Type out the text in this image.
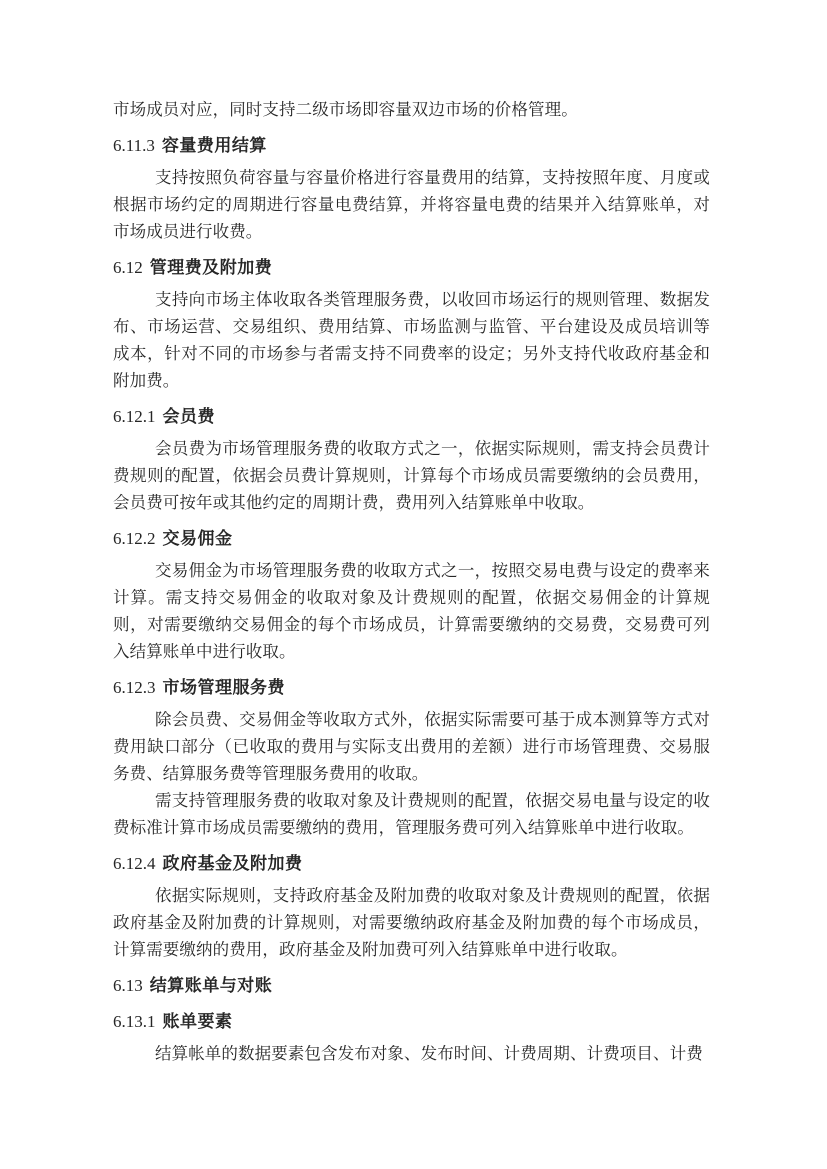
市场成员对应，同时支持二级市场即容量双边市场的价格管理。

6.11.3 容量费用结算

支持按照负荷容量与容量价格进行容量费用的结算，支持按照年度、月度或根据市场约定的周期进行容量电费结算，并将容量电费的结果并入结算账单，对市场成员进行收费。

6.12 管理费及附加费

支持向市场主体收取各类管理服务费，以收回市场运行的规则管理、数据发布、市场运营、交易组织、费用结算、市场监测与监管、平台建设及成员培训等成本，针对不同的市场参与者需支持不同费率的设定；另外支持代收政府基金和附加费。

6.12.1 会员费

会员费为市场管理服务费的收取方式之一，依据实际规则，需支持会员费计费规则的配置，依据会员费计算规则，计算每个市场成员需要缴纳的会员费用，会员费可按年或其他约定的周期计费，费用列入结算账单中收取。

6.12.2 交易佣金

交易佣金为市场管理服务费的收取方式之一，按照交易电费与设定的费率来计算。需支持交易佣金的收取对象及计费规则的配置，依据交易佣金的计算规则，对需要缴纳交易佣金的每个市场成员，计算需要缴纳的交易费，交易费可列入结算账单中进行收取。

6.12.3 市场管理服务费

除会员费、交易佣金等收取方式外，依据实际需要可基于成本测算等方式对费用缺口部分（已收取的费用与实际支出费用的差额）进行市场管理费、交易服务费、结算服务费等管理服务费用的收取。

需支持管理服务费的收取对象及计费规则的配置，依据交易电量与设定的收费标准计算市场成员需要缴纳的费用，管理服务费可列入结算账单中进行收取。

6.12.4 政府基金及附加费

依据实际规则，支持政府基金及附加费的收取对象及计费规则的配置，依据政府基金及附加费的计算规则，对需要缴纳政府基金及附加费的每个市场成员，计算需要缴纳的费用，政府基金及附加费可列入结算账单中进行收取。

6.13 结算账单与对账
6.13.1 账单要素

结算帐单的数据要素包含发布对象、发布时间、计费周期、计费项目、计费
